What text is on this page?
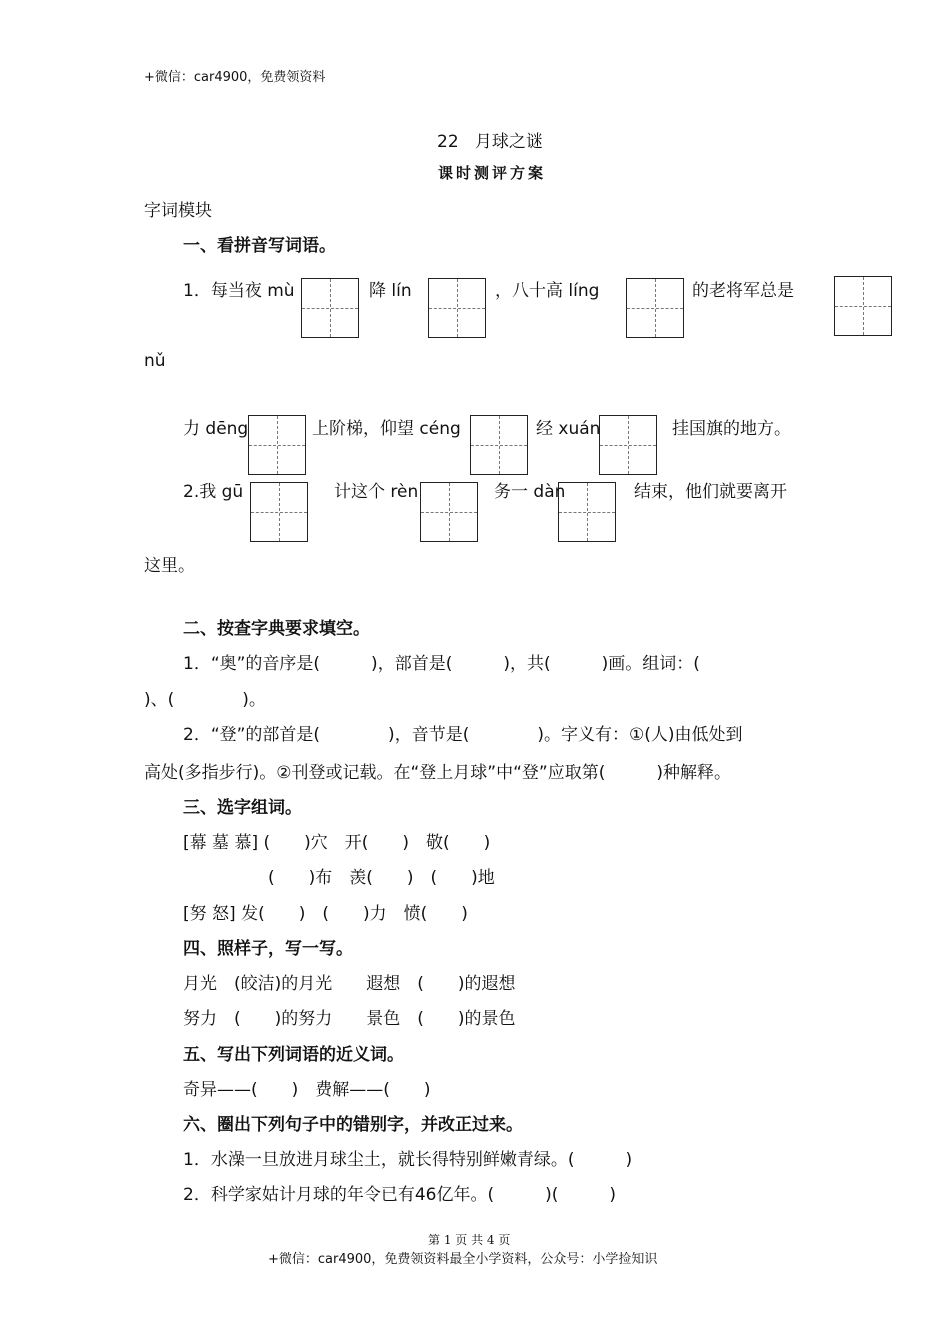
+微信：car4900，免费领资料
22 月球之谜
课时测评方案
字词模块
一、看拼音写词语。
1．每当夜 mù	降 lín	，八十高 líng	的老将军总是
nǔ
力 dēng	上阶梯，仰望 céng	经 xuán	挂国旗的地方。
2.我 gū	计这个 rèn	务一 dàn	结束，他们就要离开
这里。
二、按查字典要求填空。
1．“奥”的音序是(　　　)，部首是(　　　)，共(　　　)画。组词：(
)、(　　　　)。
2．“登”的部首是(　　　　)，音节是(　　　　)。字义有：①(人)由低处到
高处(多指步行)。②刊登或记载。在“登上月球”中“登”应取第(　　　)种解释。
三、选字组词。
[幕 墓 慕] (　　)穴　开(　　)　敬(　　)
(　　)布　羡(　　)　(　　)地
[努 怒] 发(　　)　(　　)力　愤(　　)
四、照样子，写一写。
月光　(皎洁)的月光　　遐想　(　　)的遐想
努力　(　　)的努力　　景色　(　　)的景色
五、写出下列词语的近义词。
奇异——(　　)　费解——(　　)
六、圈出下列句子中的错别字，并改正过来。
1．水澡一旦放进月球尘土，就长得特别鲜嫩青绿。(　　　)
2．科学家姑计月球的年令已有46亿年。(　　　)(　　　)
第 1 页 共 4 页
+微信：car4900，免费领资料最全小学资料，公众号：小学捡知识
